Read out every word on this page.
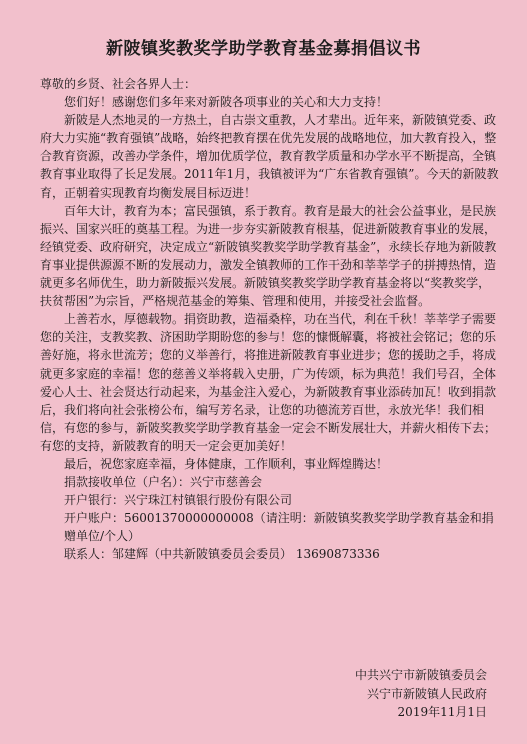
新陂镇奖教奖学助学教育基金募捐倡议书

尊敬的乡贤、社会各界人士：

您们好！感谢您们多年来对新陂各项事业的关心和大力支持！

新陂是人杰地灵的一方热土，自古崇文重教，人才辈出。近年来，新陂镇党委、政府大力实施“教育强镇”战略，始终把教育摆在优先发展的战略地位，加大教育投入，整合教育资源，改善办学条件，增加优质学位，教育教学质量和办学水平不断提高，全镇教育事业取得了长足发展。2011年1月，我镇被评为“广东省教育强镇”。今天的新陂教育，正朝着实现教育均衡发展目标迈进！

百年大计，教育为本；富民强镇，系于教育。教育是最大的社会公益事业，是民族振兴、国家兴旺的奠基工程。为进一步夯实新陂教育根基，促进新陂教育事业的发展，经镇党委、政府研究，决定成立“新陂镇奖教奖学助学教育基金”，永续长存地为新陂教育事业提供源源不断的发展动力，激发全镇教师的工作干劲和莘莘学子的拼搏热情，造就更多名师优生，助力新陂振兴发展。新陂镇奖教奖学助学教育基金将以“奖教奖学，扶贫帮困”为宗旨，严格规范基金的筹集、管理和使用，并接受社会监督。

上善若水，厚德载物。捐资助教，造福桑梓，功在当代，利在千秋！莘莘学子需要您的关注，支教奖教、济困助学期盼您的参与！您的慷慨解囊，将被社会铭记；您的乐善好施，将永世流芳；您的义举善行，将推进新陂教育事业进步；您的援助之手，将成就更多家庭的幸福！您的慈善义举将载入史册，广为传颂，标为典范！我们号召，全体爱心人士、社会贤达行动起来，为基金注入爱心，为新陂教育事业添砖加瓦！收到捐款后，我们将向社会张榜公布，编写芳名录，让您的功德流芳百世，永放光华！我们相信，有您的参与，新陂奖教奖学助学教育基金一定会不断发展壮大，并薪火相传下去；有您的支持，新陂教育的明天一定会更加美好！

最后，祝您家庭幸福，身体健康，工作顺利，事业辉煌腾达！

捐款接收单位（户名）：兴宁市慈善会

开户银行：兴宁珠江村镇银行股份有限公司

开户账户：56001370000000008（请注明：新陂镇奖教奖学助学教育基金和捐赠单位/个人）

联系人：邹建辉（中共新陂镇委员会委员） 13690873336

中共兴宁市新陂镇委员会
兴宁市新陂镇人民政府
2019年11月1日
